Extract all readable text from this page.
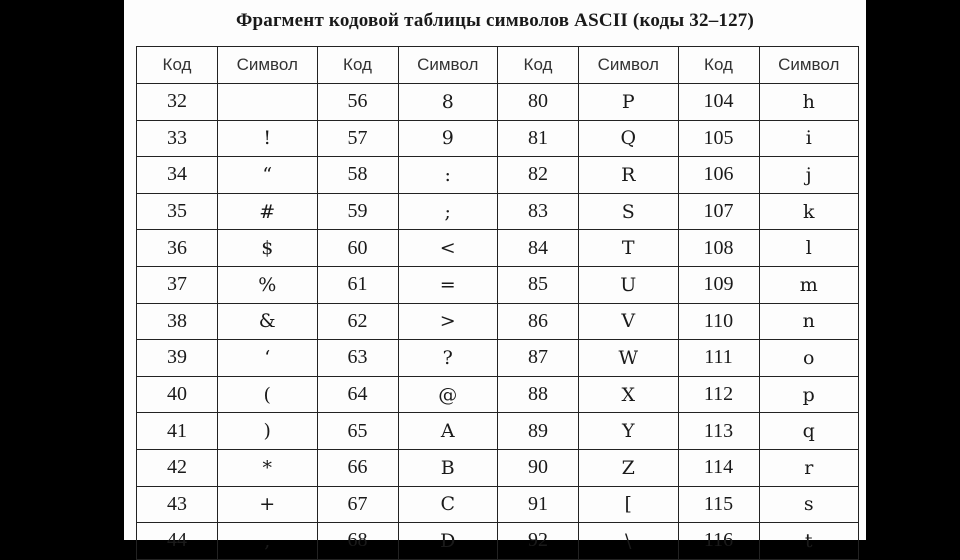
Фрагмент кодовой таблицы символов ASCII (коды 32–127)
Код	Символ	Код	Символ	Код	Символ	Код	Символ
32		56	8	80	P	104	h
33	!	57	9	81	Q	105	i
34	“	58	:	82	R	106	j
35	#	59	;	83	S	107	k
36	$	60	<	84	T	108	l
37	%	61	=	85	U	109	m
38	&	62	>	86	V	110	n
39	‘	63	?	87	W	111	o
40	(	64	@	88	X	112	p
41	)	65	A	89	Y	113	q
42	*	66	B	90	Z	114	r
43	+	67	C	91	[	115	s
44	,	68	D	92	\	116	t
